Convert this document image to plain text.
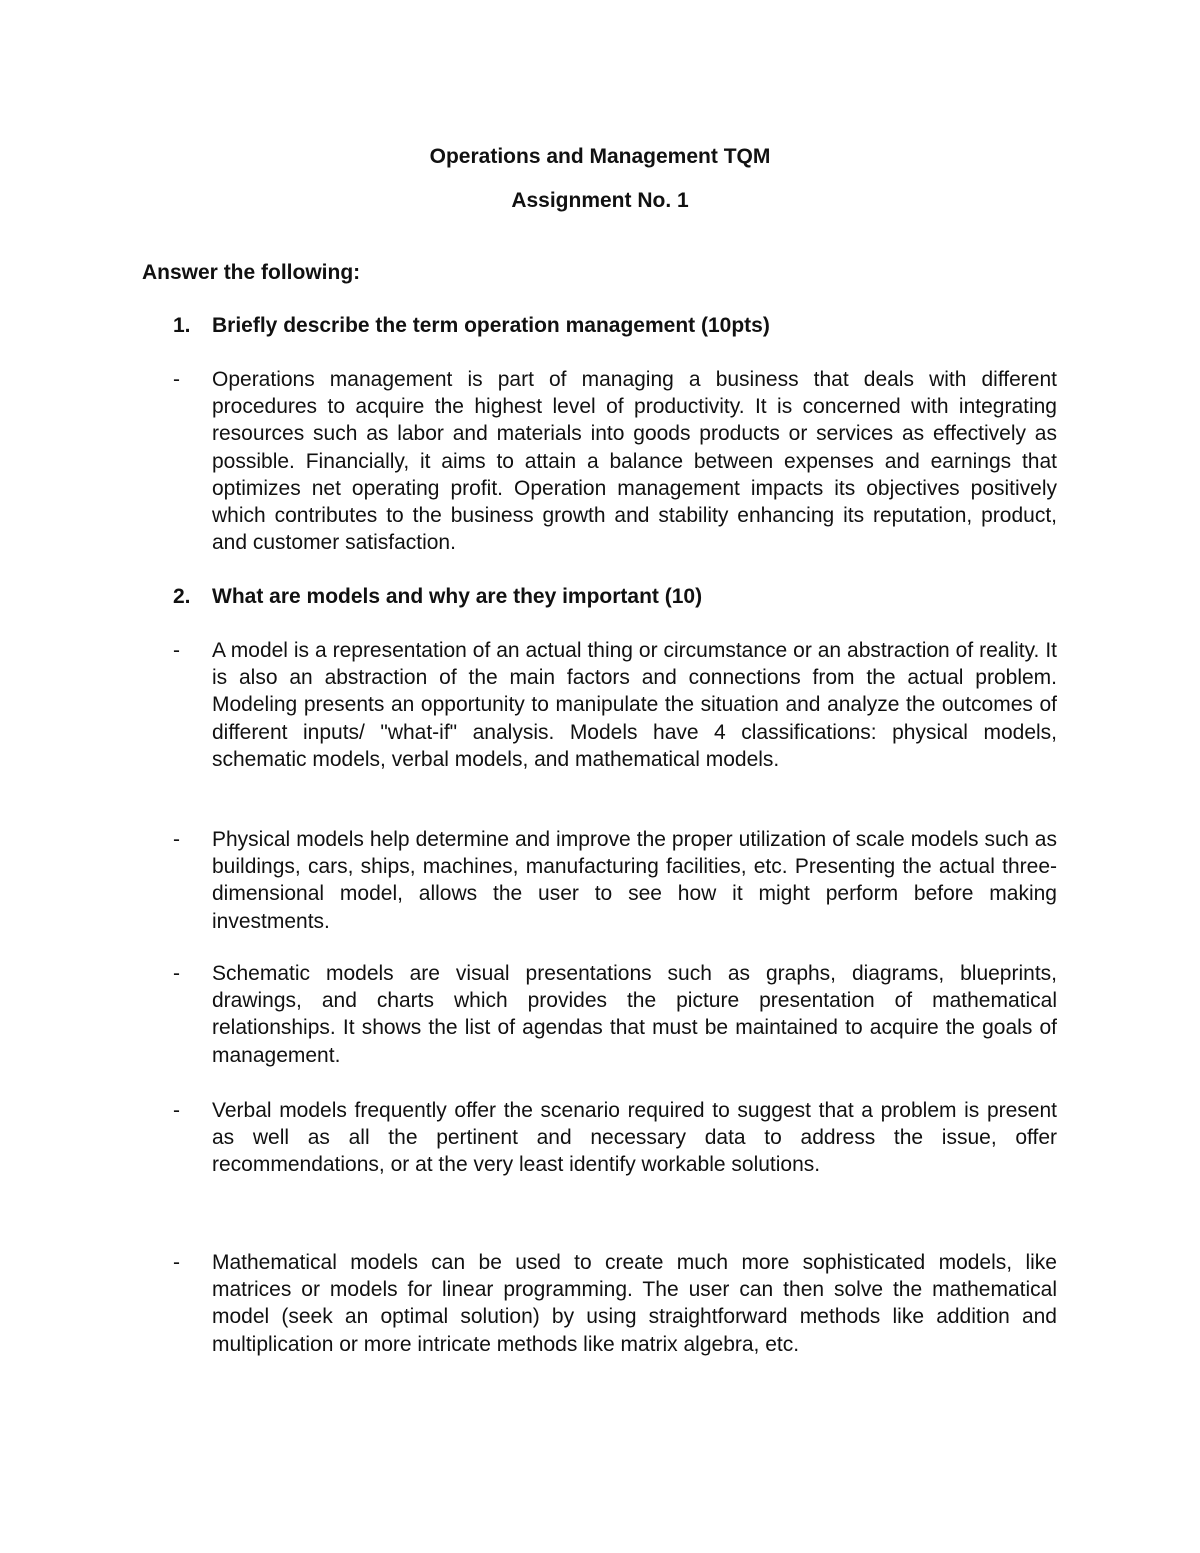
Operations and Management TQM
Assignment No. 1
Answer the following:
1. Briefly describe the term operation management (10pts)
-	Operations management is part of managing a business that deals with different procedures to acquire the highest level of productivity. It is concerned with integrating resources such as labor and materials into goods products or services as effectively as possible. Financially, it aims to attain a balance between expenses and earnings that optimizes net operating profit. Operation management impacts its objectives positively which contributes to the business growth and stability enhancing its reputation, product, and customer satisfaction.
2. What are models and why are they important (10)
-	A model is a representation of an actual thing or circumstance or an abstraction of reality. It is also an abstraction of the main factors and connections from the actual problem. Modeling presents an opportunity to manipulate the situation and analyze the outcomes of different inputs/ "what-if" analysis. Models have 4 classifications: physical models, schematic models, verbal models, and mathematical models.
-	Physical models help determine and improve the proper utilization of scale models such as buildings, cars, ships, machines, manufacturing facilities, etc. Presenting the actual three-dimensional model, allows the user to see how it might perform before making investments.
-	Schematic models are visual presentations such as graphs, diagrams, blueprints, drawings, and charts which provides the picture presentation of mathematical relationships. It shows the list of agendas that must be maintained to acquire the goals of management.
-	Verbal models frequently offer the scenario required to suggest that a problem is present as well as all the pertinent and necessary data to address the issue, offer recommendations, or at the very least identify workable solutions.
-	Mathematical models can be used to create much more sophisticated models, like matrices or models for linear programming. The user can then solve the mathematical model (seek an optimal solution) by using straightforward methods like addition and multiplication or more intricate methods like matrix algebra, etc.
